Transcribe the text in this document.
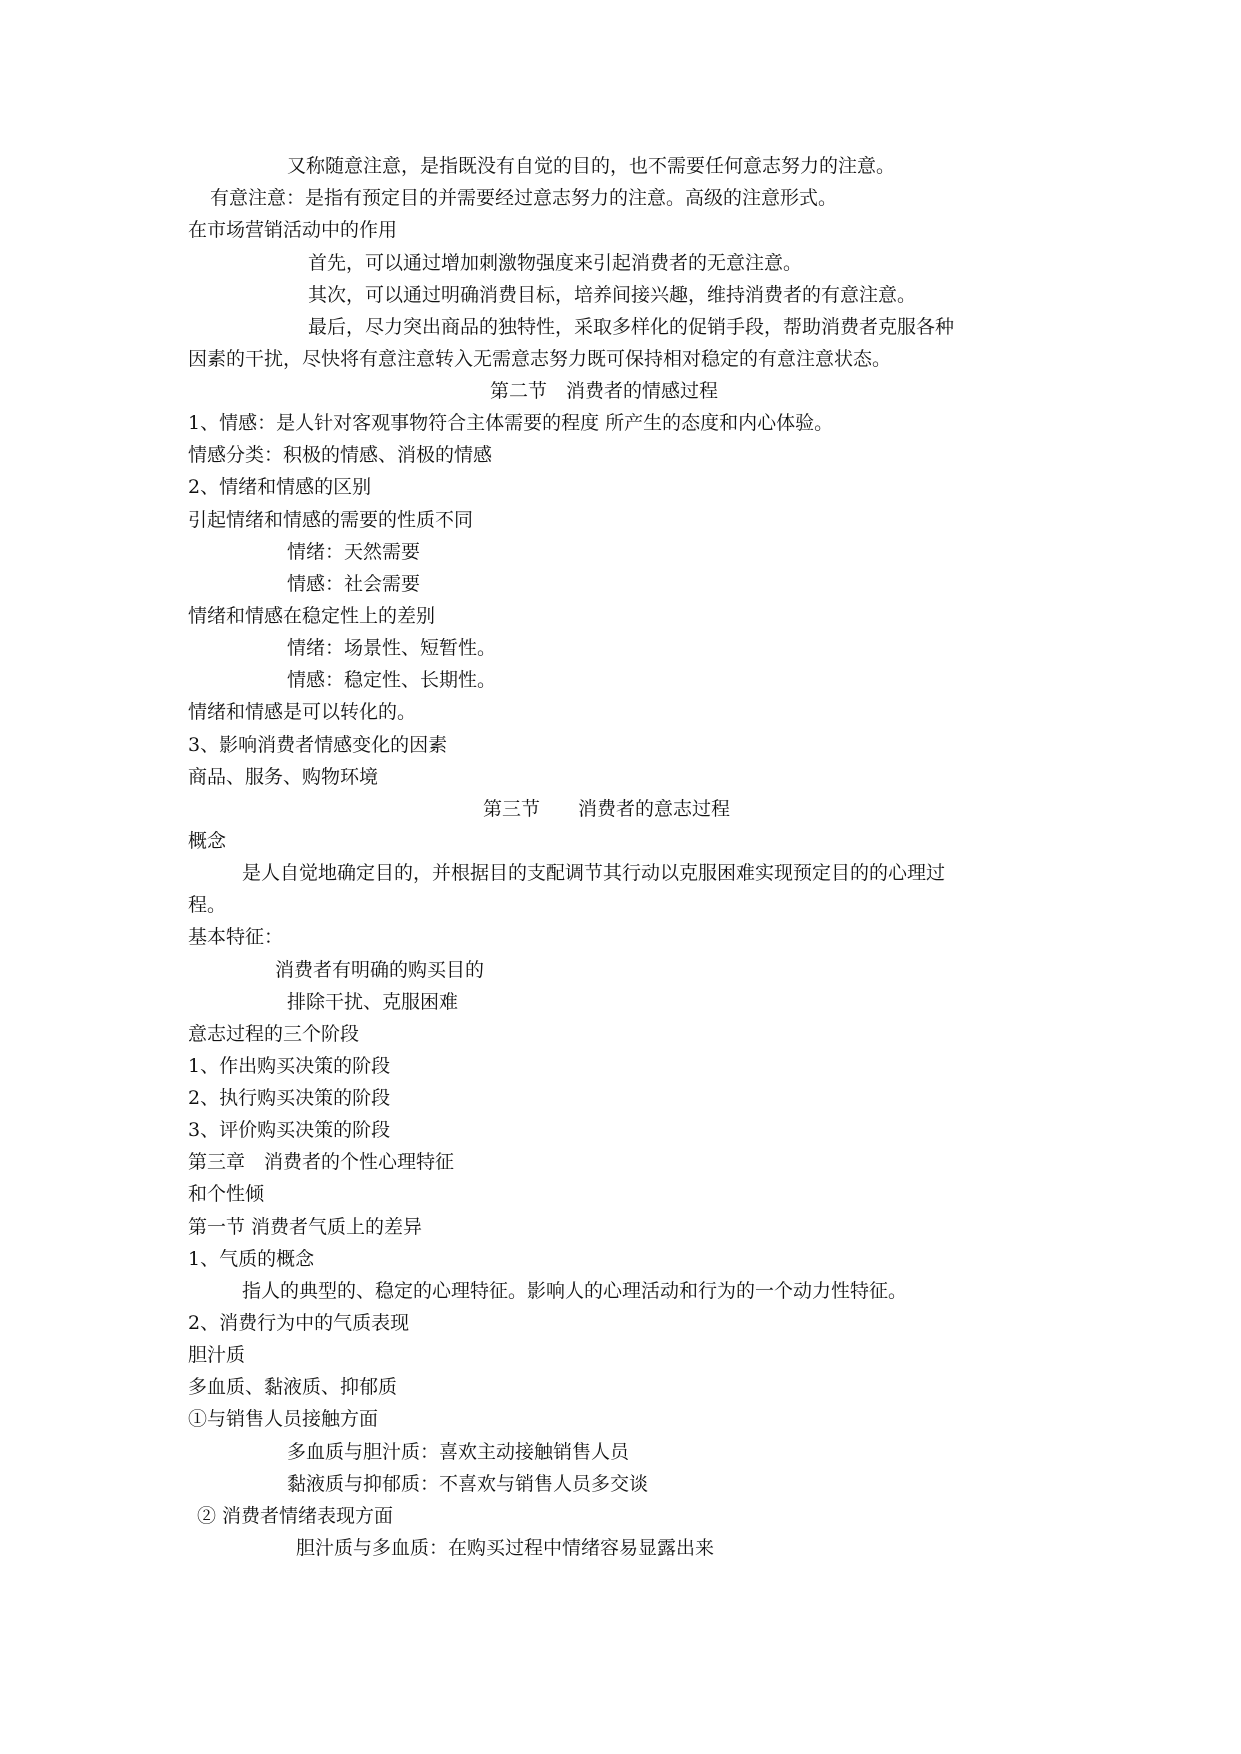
又称随意注意，是指既没有自觉的目的，也不需要任何意志努力的注意。
有意注意：是指有预定目的并需要经过意志努力的注意。高级的注意形式。
在市场营销活动中的作用
首先，可以通过增加刺激物强度来引起消费者的无意注意。
其次，可以通过明确消费目标，培养间接兴趣，维持消费者的有意注意。
最后，尽力突出商品的独特性，采取多样化的促销手段，帮助消费者克服各种
因素的干扰，尽快将有意注意转入无需意志努力既可保持相对稳定的有意注意状态。
第二节　消费者的情感过程
1、情感：是人针对客观事物符合主体需要的程度 所产生的态度和内心体验。
情感分类：积极的情感、消极的情感
2、情绪和情感的区别
引起情绪和情感的需要的性质不同
情绪：天然需要
情感：社会需要
情绪和情感在稳定性上的差别
情绪：场景性、短暂性。
情感：稳定性、长期性。
情绪和情感是可以转化的。
3、影响消费者情感变化的因素
商品、服务、购物环境
第三节　　消费者的意志过程
概念
是人自觉地确定目的，并根据目的支配调节其行动以克服困难实现预定目的的心理过
程。
基本特征：
消费者有明确的购买目的
排除干扰、克服困难
意志过程的三个阶段
1、作出购买决策的阶段
2、执行购买决策的阶段
3、评价购买决策的阶段
第三章　消费者的个性心理特征
和个性倾
第一节 消费者气质上的差异
1、气质的概念
指人的典型的、稳定的心理特征。影响人的心理活动和行为的一个动力性特征。
2、消费行为中的气质表现
胆汁质
多血质、黏液质、抑郁质
①与销售人员接触方面
多血质与胆汁质：喜欢主动接触销售人员
黏液质与抑郁质：不喜欢与销售人员多交谈
② 消费者情绪表现方面
胆汁质与多血质：在购买过程中情绪容易显露出来
